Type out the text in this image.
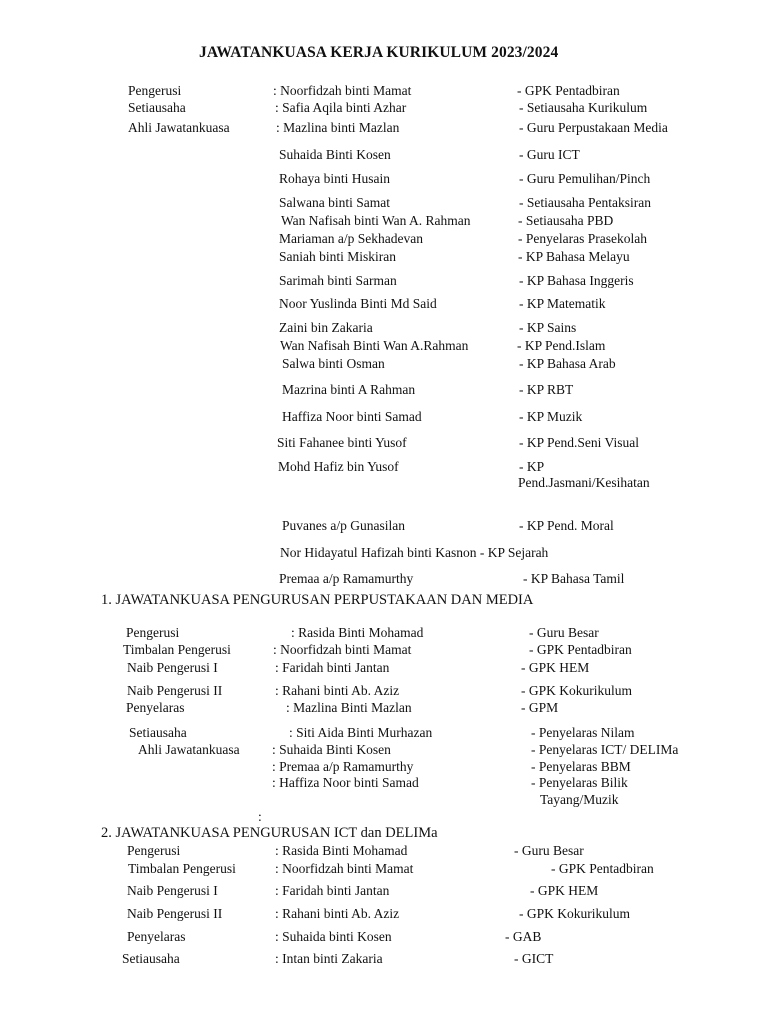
JAWATANKUASA KERJA KURIKULUM 2023/2024
Pengerusi	: Noorfidzah binti Mamat	- GPK Pentadbiran
Setiausaha	: Safia Aqila binti Azhar	- Setiausaha Kurikulum
Ahli Jawatankuasa	: Mazlina binti Mazlan	- Guru Perpustakaan Media
Suhaida Binti Kosen	- Guru ICT
Rohaya binti Husain	- Guru Pemulihan/Pinch
Salwana binti Samat	- Setiausaha Pentaksiran
Wan Nafisah binti Wan A. Rahman	- Setiausaha PBD
Mariaman a/p Sekhadevan	- Penyelaras Prasekolah
Saniah binti Miskiran	- KP Bahasa Melayu
Sarimah binti Sarman	- KP Bahasa Inggeris
Noor Yuslinda Binti Md Said	- KP Matematik
Zaini bin Zakaria	- KP Sains
Wan Nafisah Binti Wan A.Rahman	- KP Pend.Islam
Salwa binti Osman	- KP Bahasa Arab
Mazrina binti A Rahman	- KP RBT
Haffiza Noor binti Samad	- KP Muzik
Siti Fahanee binti Yusof	- KP Pend.Seni Visual
Mohd Hafiz bin Yusof	- KP
Pend.Jasmani/Kesihatan
Puvanes a/p Gunasilan	- KP Pend. Moral
Nor Hidayatul Hafizah binti Kasnon - KP Sejarah
Premaa a/p Ramamurthy	- KP Bahasa Tamil
1. JAWATANKUASA PENGURUSAN PERPUSTAKAAN DAN MEDIA
Pengerusi	: Rasida Binti Mohamad	- Guru Besar
Timbalan Pengerusi	: Noorfidzah binti Mamat	- GPK Pentadbiran
Naib Pengerusi I	: Faridah binti Jantan	- GPK HEM
Naib Pengerusi II	: Rahani binti Ab. Aziz	- GPK Kokurikulum
Penyelaras	: Mazlina Binti Mazlan	- GPM
Setiausaha	: Siti Aida Binti Murhazan	- Penyelaras Nilam
Ahli Jawatankuasa : Suhaida Binti Kosen	- Penyelaras ICT/ DELIMa
: Premaa a/p Ramamurthy	- Penyelaras BBM
: Haffiza Noor binti Samad	- Penyelaras Bilik
Tayang/Muzik
:
2. JAWATANKUASA PENGURUSAN ICT dan DELIMa
Pengerusi	: Rasida Binti Mohamad	- Guru Besar
Timbalan Pengerusi	: Noorfidzah binti Mamat	- GPK Pentadbiran
Naib Pengerusi I	: Faridah binti Jantan	- GPK HEM
Naib Pengerusi II	: Rahani binti Ab. Aziz	- GPK Kokurikulum
Penyelaras	: Suhaida binti Kosen	- GAB
Setiausaha	: Intan binti Zakaria	- GICT
